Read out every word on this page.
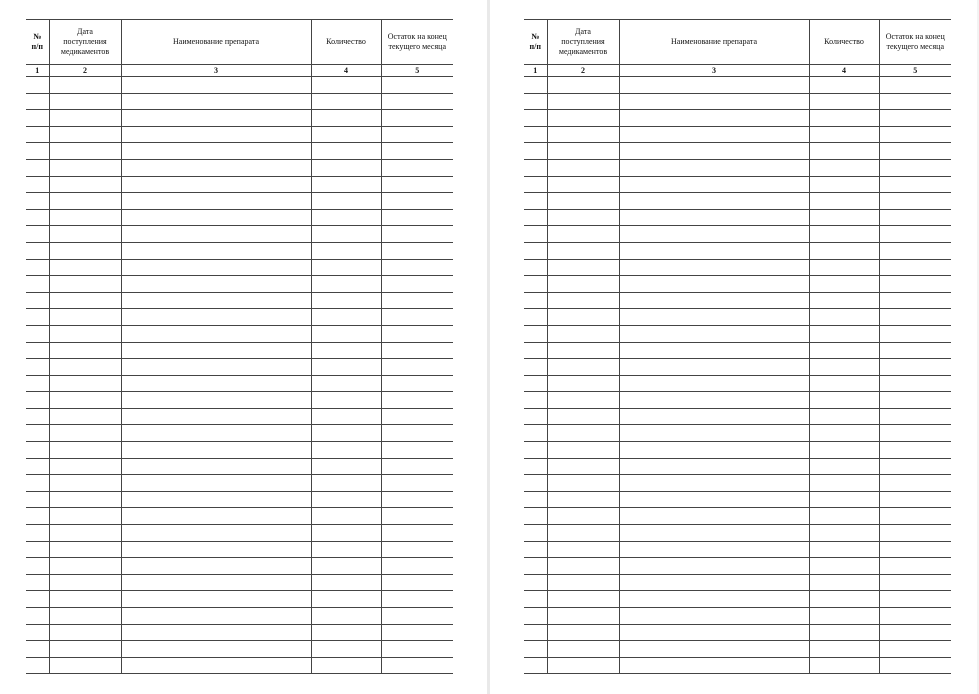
№
п/п	Дата
поступления
медикаментов	Наименование препарата	Количество	Остаток на конец
текущего месяца
1	2	3	4	5

№
п/п	Дата
поступления
медикаментов	Наименование препарата	Количество	Остаток на конец
текущего месяца
1	2	3	4	5
